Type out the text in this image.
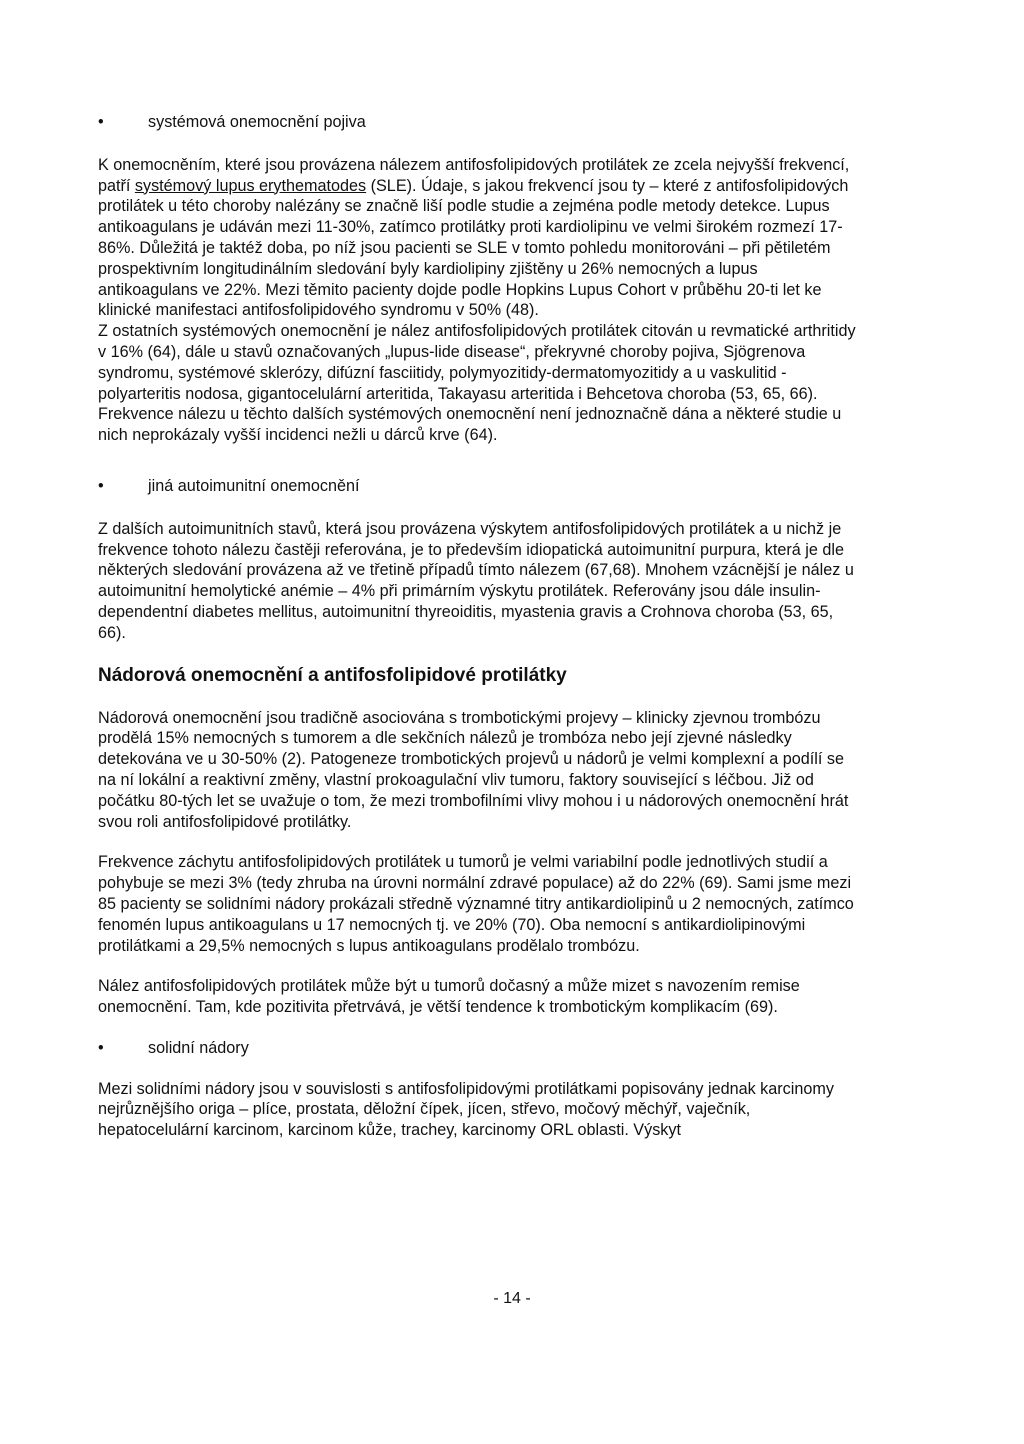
•	systémová onemocnění pojiva

K onemocněním, které jsou provázena nálezem antifosfolipidových protilátek ze zcela nejvyšší frekvencí, patří systémový lupus erythematodes (SLE). Údaje, s jakou frekvencí jsou ty – které z antifosfolipidových protilátek u této choroby nalézány se značně liší podle studie a zejména podle metody detekce. Lupus antikoagulans je udáván mezi 11-30%, zatímco protilátky proti kardiolipinu ve velmi širokém rozmezí 17-86%. Důležitá je taktéž doba, po níž jsou pacienti se SLE v tomto pohledu monitorováni – při pětiletém prospektivním longitudinálním sledování byly kardiolipiny zjištěny u 26% nemocných a lupus antikoagulans ve 22%. Mezi těmito pacienty dojde podle Hopkins Lupus Cohort v průběhu 20-ti let ke klinické manifestaci antifosfolipidového syndromu v 50% (48).

Z ostatních systémových onemocnění je nález antifosfolipidových protilátek citován u revmatické arthritidy v 16% (64), dále u stavů označovaných „lupus-lide disease“, překryvné choroby pojiva, Sjögrenova syndromu, systémové sklerózy, difúzní fasciitidy, polymyozitidy-dermatomyozitidy a u vaskulitid - polyarteritis nodosa, gigantocelulární arteritida, Takayasu arteritida i Behcetova choroba (53, 65, 66). Frekvence nálezu u těchto dalších systémových onemocnění není jednoznačně dána a některé studie u nich neprokázaly vyšší incidenci nežli u dárců krve (64).

•	jiná autoimunitní onemocnění

Z dalších autoimunitních stavů, která jsou provázena výskytem antifosfolipidových protilátek a u nichž je frekvence tohoto nálezu častěji referována, je to především idiopatická autoimunitní purpura, která je dle některých sledování provázena až ve třetině případů tímto nálezem (67,68). Mnohem vzácnější je nález u autoimunitní hemolytické anémie – 4% při primárním výskytu protilátek. Referovány jsou dále insulin-dependentní diabetes mellitus, autoimunitní thyreoiditis, myastenia gravis a Crohnova choroba (53, 65, 66).

Nádorová onemocnění a antifosfolipidové protilátky

Nádorová onemocnění jsou tradičně asociována s trombotickými projevy – klinicky zjevnou trombózu prodělá 15% nemocných s tumorem a dle sekčních nálezů je trombóza nebo její zjevné následky detekována ve u 30-50% (2). Patogeneze trombotických projevů u nádorů je velmi komplexní a podílí se na ní lokální a reaktivní změny, vlastní prokoagulační vliv tumoru, faktory související s léčbou. Již od počátku 80-tých let se uvažuje o tom, že mezi trombofilními vlivy mohou i u nádorových onemocnění hrát svou roli antifosfolipidové protilátky.

Frekvence záchytu antifosfolipidových protilátek u tumorů je velmi variabilní podle jednotlivých studií a pohybuje se mezi 3% (tedy zhruba na úrovni normální zdravé populace) až do 22% (69). Sami jsme mezi 85 pacienty se solidními nádory prokázali středně významné titry antikardiolipinů u 2 nemocných, zatímco fenomén lupus antikoagulans u 17 nemocných tj. ve 20% (70). Oba nemocní s antikardiolipinovými protilátkami a 29,5% nemocných s lupus antikoagulans prodělalo trombózu.

Nález antifosfolipidových protilátek může být u tumorů dočasný a může mizet s navozením remise onemocnění. Tam, kde pozitivita přetrvává, je větší tendence k trombotickým komplikacím (69).

•	solidní nádory

Mezi solidními nádory jsou v souvislosti s antifosfolipidovými protilátkami popisovány jednak karcinomy nejrůznějšího origa – plíce, prostata, děložní čípek, jícen, střevo, močový měchýř, vaječník, hepatocelulární karcinom, karcinom kůže, trachey, karcinomy ORL oblasti. Výskyt

- 14 -
